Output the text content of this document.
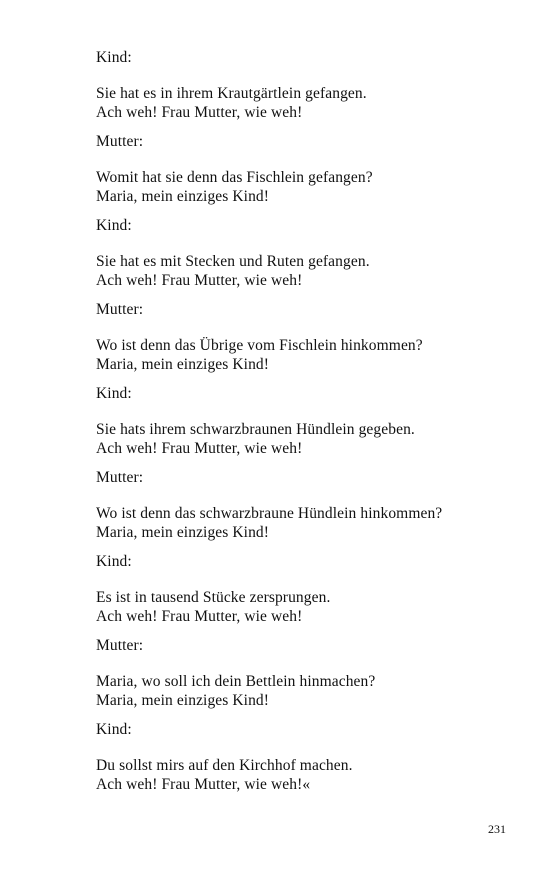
Kind:
Sie hat es in ihrem Krautgärtlein gefangen.
Ach weh! Frau Mutter, wie weh!
Mutter:
Womit hat sie denn das Fischlein gefangen?
Maria, mein einziges Kind!
Kind:
Sie hat es mit Stecken und Ruten gefangen.
Ach weh! Frau Mutter, wie weh!
Mutter:
Wo ist denn das Übrige vom Fischlein hinkommen?
Maria, mein einziges Kind!
Kind:
Sie hats ihrem schwarzbraunen Hündlein gegeben.
Ach weh! Frau Mutter, wie weh!
Mutter:
Wo ist denn das schwarzbraune Hündlein hinkommen?
Maria, mein einziges Kind!
Kind:
Es ist in tausend Stücke zersprungen.
Ach weh! Frau Mutter, wie weh!
Mutter:
Maria, wo soll ich dein Bettlein hinmachen?
Maria, mein einziges Kind!
Kind:
Du sollst mirs auf den Kirchhof machen.
Ach weh! Frau Mutter, wie weh!«
231
